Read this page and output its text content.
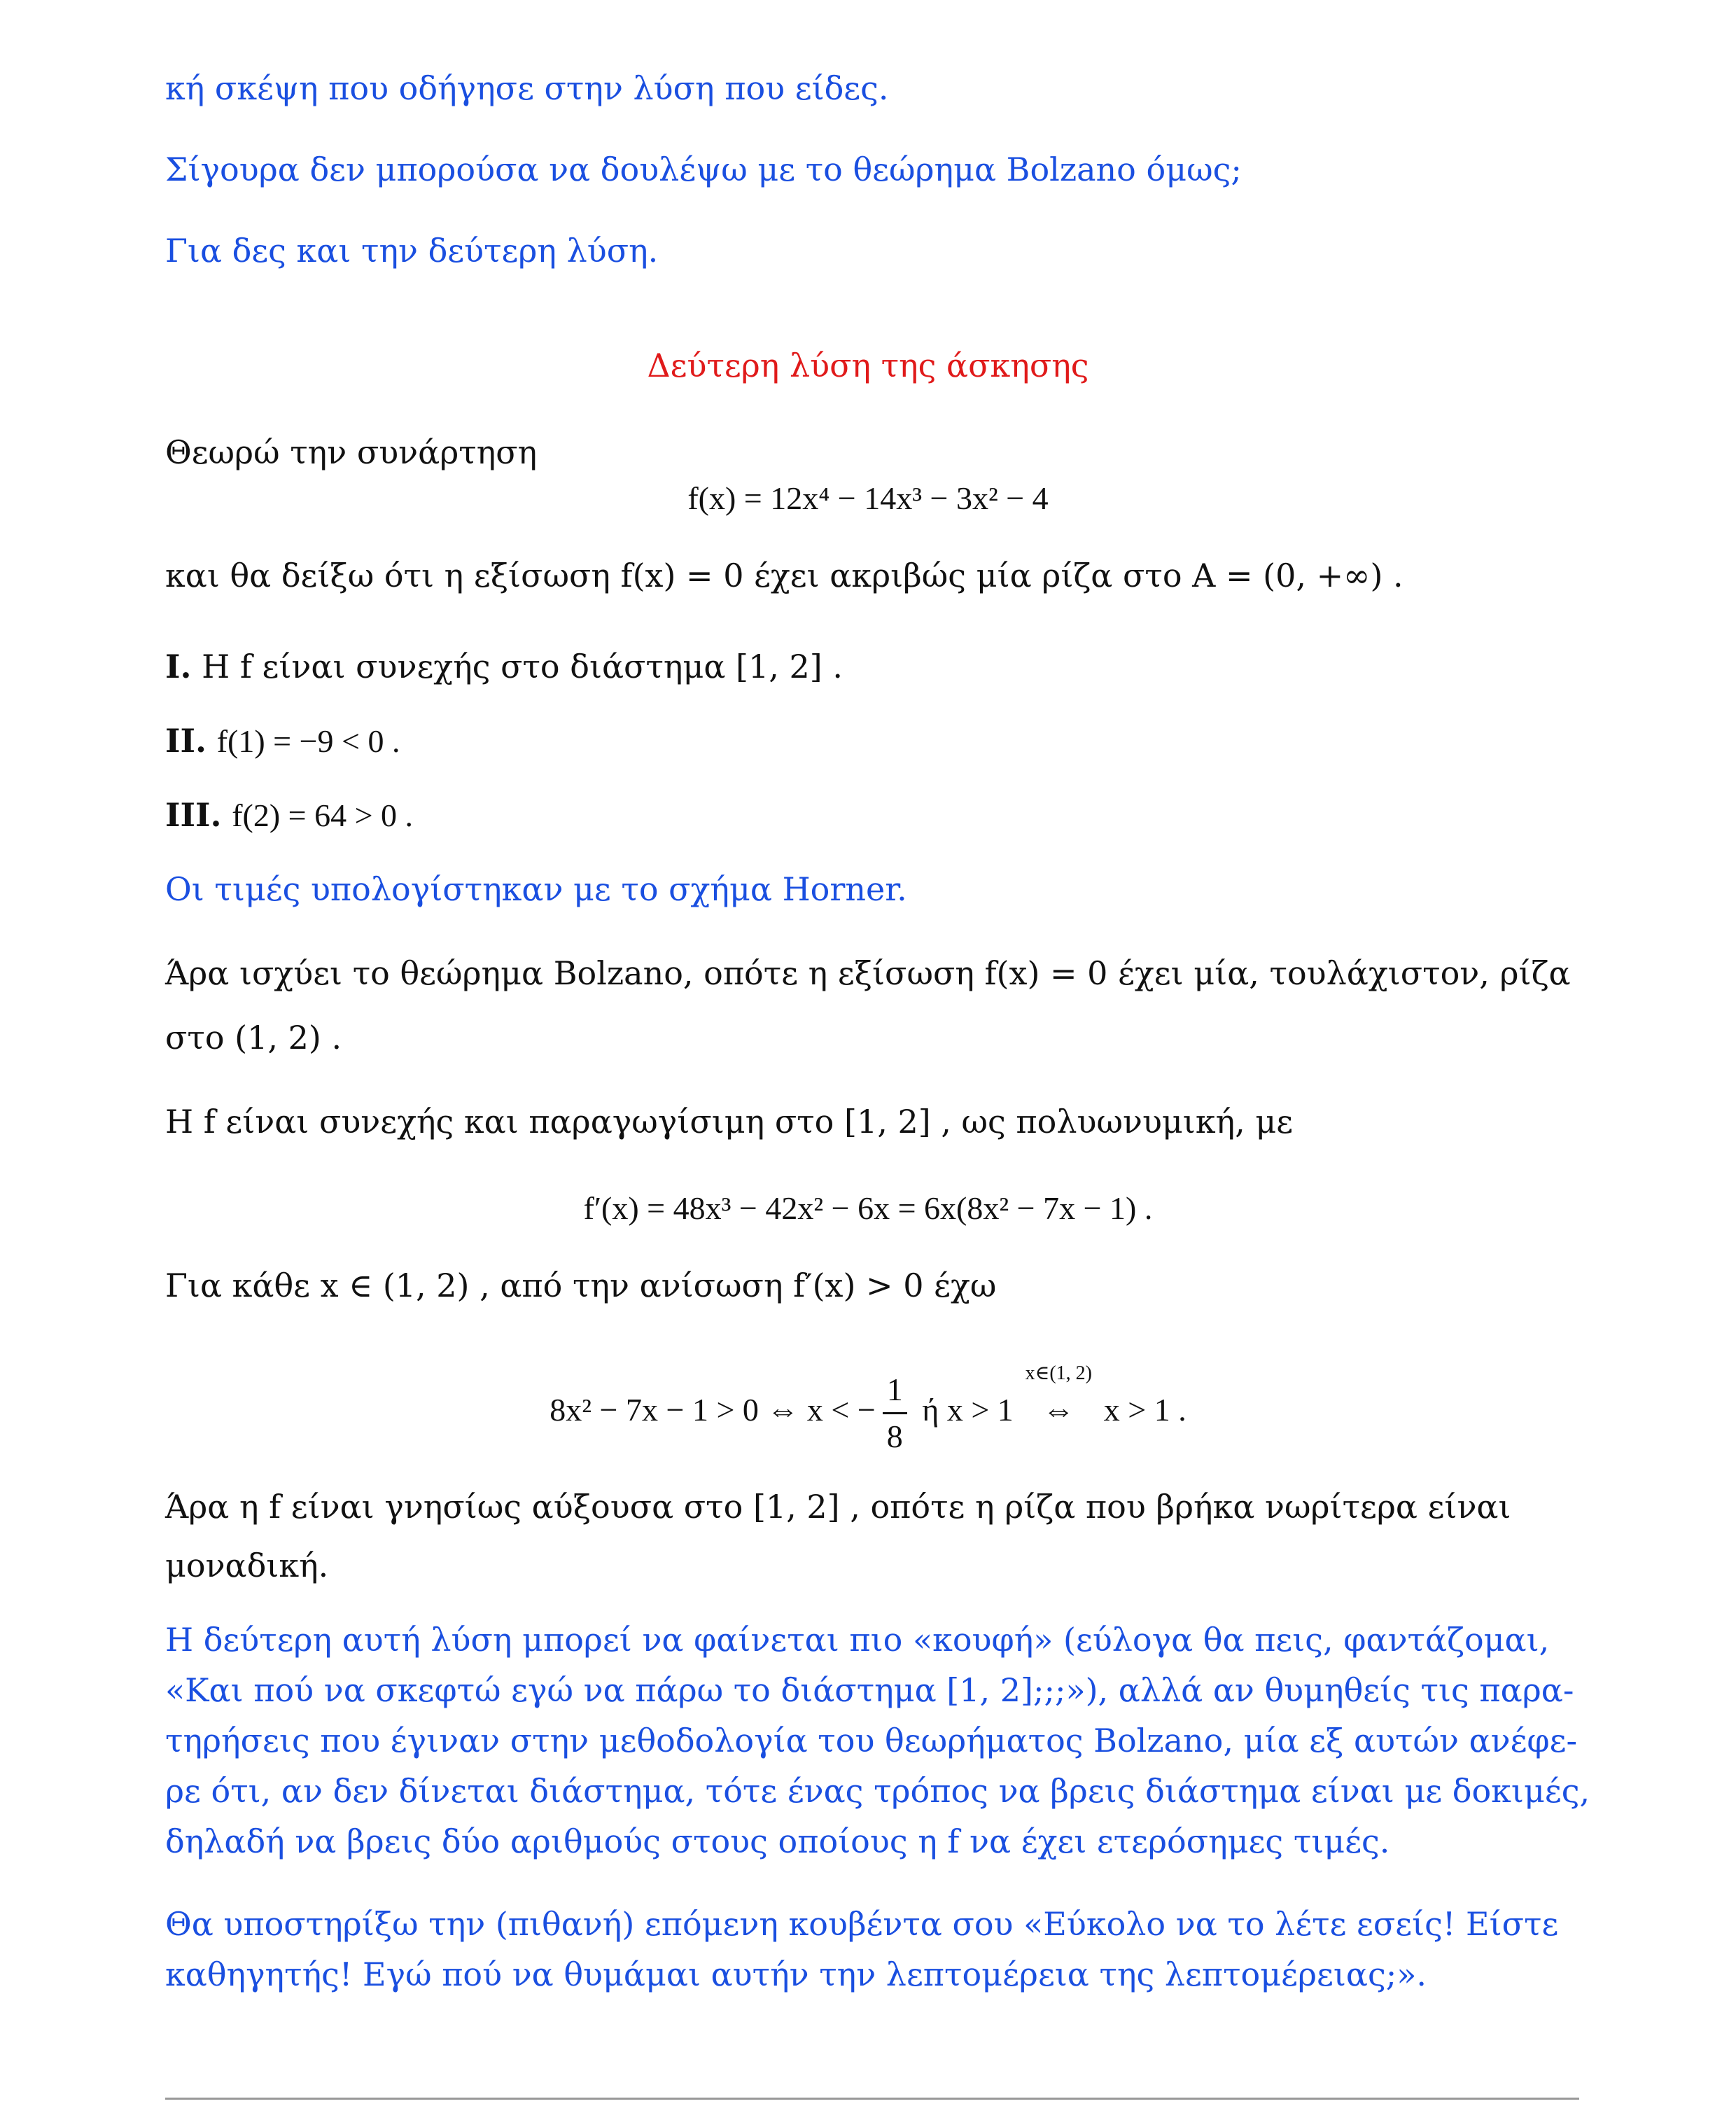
κή σκέψη που οδήγησε στην λύση που είδες.
Σίγουρα δεν μπορούσα να δουλέψω με το θεώρημα Bolzano όμως;
Για δες και την δεύτερη λύση.
Δεύτερη λύση της άσκησης
Θεωρώ την συνάρτηση
f(x) = 12x⁴ − 14x³ − 3x² − 4
και θα δείξω ότι η εξίσωση f(x) = 0 έχει ακριβώς μία ρίζα στο A = (0, +∞) .
I. Η f είναι συνεχής στο διάστημα [1, 2] .
II. f(1) = −9 < 0 .
III. f(2) = 64 > 0 .
Οι τιμές υπολογίστηκαν με το σχήμα Horner.
Άρα ισχύει το θεώρημα Bolzano, οπότε η εξίσωση f(x) = 0 έχει μία, τουλάχιστον, ρίζα
στο (1, 2) .
Η f είναι συνεχής και παραγωγίσιμη στο [1, 2] , ως πολυωνυμική, με
f′(x) = 48x³ − 42x² − 6x = 6x(8x² − 7x − 1) .
Για κάθε x ∈ (1, 2) , από την ανίσωση f′(x) > 0 έχω
8x² − 7x − 1 > 0 ⇔ x < − $\frac{1}{8}$ ή x > 1
x∈(1, 2)
⇔ x > 1 .
Άρα η f είναι γνησίως αύξουσα στο [1, 2] , οπότε η ρίζα που βρήκα νωρίτερα είναι
μοναδική.
Η δεύτερη αυτή λύση μπορεί να φαίνεται πιο «κουφή» (εύλογα θα πεις, φαντάζομαι,
«Και πού να σκεφτώ εγώ να πάρω το διάστημα [1, 2];;;»), αλλά αν θυμηθείς τις παρα-
τηρήσεις που έγιναν στην μεθοδολογία του θεωρήματος Bolzano, μία εξ αυτών ανέφε-
ρε ότι, αν δεν δίνεται διάστημα, τότε ένας τρόπος να βρεις διάστημα είναι με δοκιμές,
δηλαδή να βρεις δύο αριθμούς στους οποίους η f να έχει ετερόσημες τιμές.
Θα υποστηρίξω την (πιθανή) επόμενη κουβέντα σου «Εύκολο να το λέτε εσείς! Είστε
καθηγητής! Εγώ πού να θυμάμαι αυτήν την λεπτομέρεια της λεπτομέρειας;».
